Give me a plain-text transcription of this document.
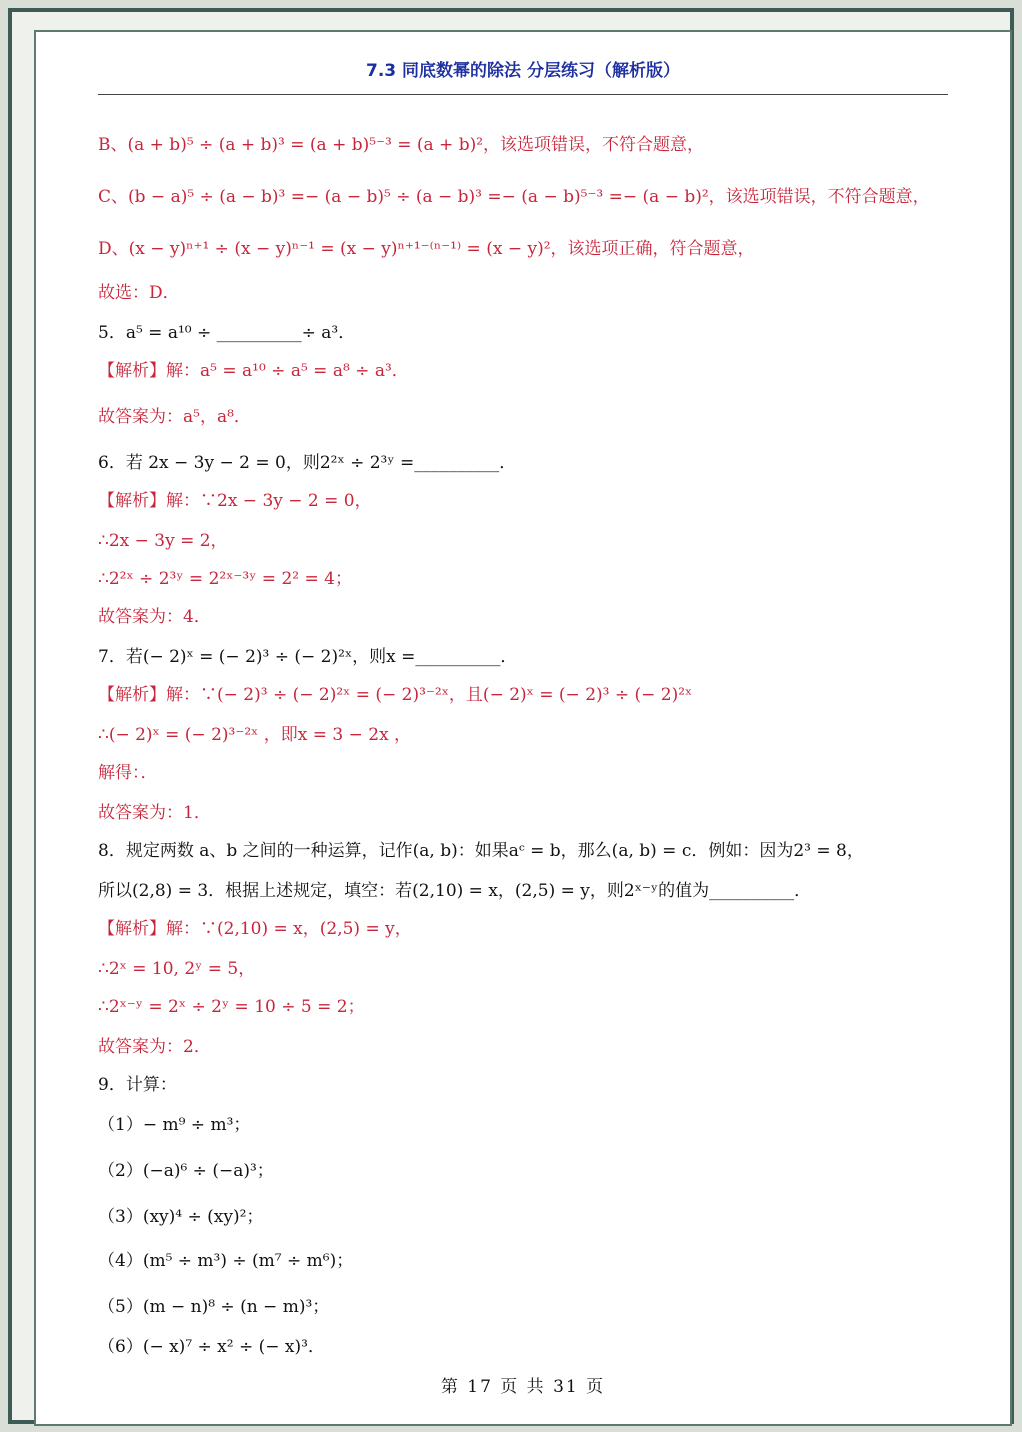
7.3 同底数幂的除法 分层练习（解析版）
B、(a + b)⁵ ÷ (a + b)³ = (a + b)⁵⁻³ = (a + b)²，该选项错误，不符合题意，
C、(b − a)⁵ ÷ (a − b)³ =− (a − b)⁵ ÷ (a − b)³ =− (a − b)⁵⁻³ =− (a − b)²，该选项错误，不符合题意，
D、(x − y)ⁿ⁺¹ ÷ (x − y)ⁿ⁻¹ = (x − y)ⁿ⁺¹⁻⁽ⁿ⁻¹⁾ = (x − y)²，该选项正确，符合题意，
故选：D．
5．a⁵ = a¹⁰ ÷ __________÷ a³．
【解析】解：a⁵ = a¹⁰ ÷ a⁵ = a⁸ ÷ a³．
故答案为：a⁵，a⁸．
6．若 2x − 3y − 2 = 0，则2²ˣ ÷ 2³ʸ =__________．
【解析】解：∵2x − 3y − 2 = 0，
∴2x − 3y = 2，
∴2²ˣ ÷ 2³ʸ = 2²ˣ⁻³ʸ = 2² = 4；
故答案为：4．
7．若(− 2)ˣ = (− 2)³ ÷ (− 2)²ˣ，则x =__________．
【解析】解：∵(− 2)³ ÷ (− 2)²ˣ = (− 2)³⁻²ˣ，且(− 2)ˣ = (− 2)³ ÷ (− 2)²ˣ
∴(− 2)ˣ = (− 2)³⁻²ˣ ，即x = 3 − 2x ，
解得：．
故答案为：1．
8．规定两数 a、b 之间的一种运算，记作(a, b)：如果aᶜ = b，那么(a, b) = c．例如：因为2³ = 8，
所以(2,8) = 3．根据上述规定，填空：若(2,10) = x，(2,5) = y，则2ˣ⁻ʸ的值为__________．
【解析】解：∵(2,10) = x，(2,5) = y，
∴2ˣ = 10, 2ʸ = 5，
∴2ˣ⁻ʸ = 2ˣ ÷ 2ʸ = 10 ÷ 5 = 2；
故答案为：2．
9．计算：
（1）− m⁹ ÷ m³；
（2）(−a)⁶ ÷ (−a)³；
（3）(xy)⁴ ÷ (xy)²；
（4）(m⁵ ÷ m³) ÷ (m⁷ ÷ m⁶)；
（5）(m − n)⁸ ÷ (n − m)³；
（6）(− x)⁷ ÷ x² ÷ (− x)³．
第 17 页 共 31 页
